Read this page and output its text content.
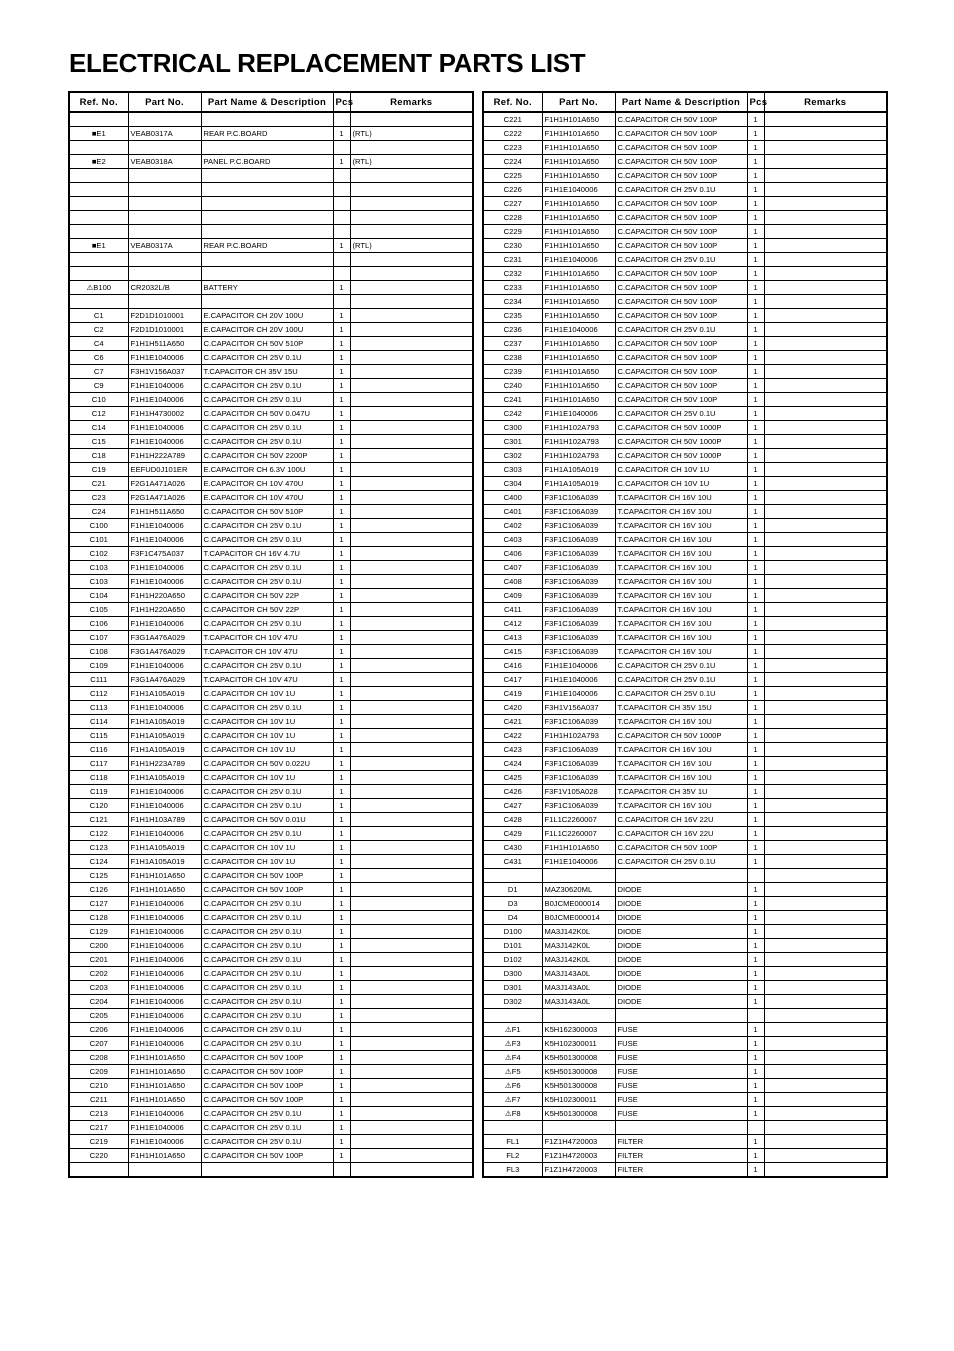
ELECTRICAL REPLACEMENT PARTS LIST
Ref. No.	Part No.	Part Name & Description	Pcs	Remarks

■E1	VEAB0317A	REAR P.C.BOARD	1	(RTL)

■E2	VEAB0318A	PANEL P.C.BOARD	1	(RTL)

■E1	VEAB0317A	REAR P.C.BOARD	1	(RTL)

⚠B100	CR2032L/B	BATTERY	1	

C1	F2D1D1010001	E.CAPACITOR CH 20V 100U	1	
C2	F2D1D1010001	E.CAPACITOR CH 20V 100U	1	
C4	F1H1H511A650	C.CAPACITOR CH 50V 510P	1	
C6	F1H1E1040006	C.CAPACITOR CH 25V 0.1U	1	
C7	F3H1V156A037	T.CAPACITOR CH 35V 15U	1	
C9	F1H1E1040006	C.CAPACITOR CH 25V 0.1U	1	
C10	F1H1E1040006	C.CAPACITOR CH 25V 0.1U	1	
C12	F1H1H4730002	C.CAPACITOR CH 50V 0.047U	1	
C14	F1H1E1040006	C.CAPACITOR CH 25V 0.1U	1	
C15	F1H1E1040006	C.CAPACITOR CH 25V 0.1U	1	
C18	F1H1H222A789	C.CAPACITOR CH 50V 2200P	1	
C19	EEFUD0J101ER	E.CAPACITOR CH 6.3V 100U	1	
C21	F2G1A471A026	E.CAPACITOR CH 10V 470U	1	
C23	F2G1A471A026	E.CAPACITOR CH 10V 470U	1	
C24	F1H1H511A650	C.CAPACITOR CH 50V 510P	1	
C100	F1H1E1040006	C.CAPACITOR CH 25V 0.1U	1	
C101	F1H1E1040006	C.CAPACITOR CH 25V 0.1U	1	
C102	F3F1C475A037	T.CAPACITOR CH 16V 4.7U	1	
C103	F1H1E1040006	C.CAPACITOR CH 25V 0.1U	1	
C103	F1H1E1040006	C.CAPACITOR CH 25V 0.1U	1	
C104	F1H1H220A650	C.CAPACITOR CH 50V 22P	1	
C105	F1H1H220A650	C.CAPACITOR CH 50V 22P	1	
C106	F1H1E1040006	C.CAPACITOR CH 25V 0.1U	1	
C107	F3G1A476A029	T.CAPACITOR CH 10V 47U	1	
C108	F3G1A476A029	T.CAPACITOR CH 10V 47U	1	
C109	F1H1E1040006	C.CAPACITOR CH 25V 0.1U	1	
C111	F3G1A476A029	T.CAPACITOR CH 10V 47U	1	
C112	F1H1A105A019	C.CAPACITOR CH 10V 1U	1	
C113	F1H1E1040006	C.CAPACITOR CH 25V 0.1U	1	
C114	F1H1A105A019	C.CAPACITOR CH 10V 1U	1	
C115	F1H1A105A019	C.CAPACITOR CH 10V 1U	1	
C116	F1H1A105A019	C.CAPACITOR CH 10V 1U	1	
C117	F1H1H223A789	C.CAPACITOR CH 50V 0.022U	1	
C118	F1H1A105A019	C.CAPACITOR CH 10V 1U	1	
C119	F1H1E1040006	C.CAPACITOR CH 25V 0.1U	1	
C120	F1H1E1040006	C.CAPACITOR CH 25V 0.1U	1	
C121	F1H1H103A789	C.CAPACITOR CH 50V 0.01U	1	
C122	F1H1E1040006	C.CAPACITOR CH 25V 0.1U	1	
C123	F1H1A105A019	C.CAPACITOR CH 10V 1U	1	
C124	F1H1A105A019	C.CAPACITOR CH 10V 1U	1	
C125	F1H1H101A650	C.CAPACITOR CH 50V 100P	1	
C126	F1H1H101A650	C.CAPACITOR CH 50V 100P	1	
C127	F1H1E1040006	C.CAPACITOR CH 25V 0.1U	1	
C128	F1H1E1040006	C.CAPACITOR CH 25V 0.1U	1	
C129	F1H1E1040006	C.CAPACITOR CH 25V 0.1U	1	
C200	F1H1E1040006	C.CAPACITOR CH 25V 0.1U	1	
C201	F1H1E1040006	C.CAPACITOR CH 25V 0.1U	1	
C202	F1H1E1040006	C.CAPACITOR CH 25V 0.1U	1	
C203	F1H1E1040006	C.CAPACITOR CH 25V 0.1U	1	
C204	F1H1E1040006	C.CAPACITOR CH 25V 0.1U	1	
C205	F1H1E1040006	C.CAPACITOR CH 25V 0.1U	1	
C206	F1H1E1040006	C.CAPACITOR CH 25V 0.1U	1	
C207	F1H1E1040006	C.CAPACITOR CH 25V 0.1U	1	
C208	F1H1H101A650	C.CAPACITOR CH 50V 100P	1	
C209	F1H1H101A650	C.CAPACITOR CH 50V 100P	1	
C210	F1H1H101A650	C.CAPACITOR CH 50V 100P	1	
C211	F1H1H101A650	C.CAPACITOR CH 50V 100P	1	
C213	F1H1E1040006	C.CAPACITOR CH 25V 0.1U	1	
C217	F1H1E1040006	C.CAPACITOR CH 25V 0.1U	1	
C219	F1H1E1040006	C.CAPACITOR CH 25V 0.1U	1	
C220	F1H1H101A650	C.CAPACITOR CH 50V 100P	1	

Ref. No.	Part No.	Part Name & Description	Pcs	Remarks
C221	F1H1H101A650	C.CAPACITOR CH 50V 100P	1	
C222	F1H1H101A650	C.CAPACITOR CH 50V 100P	1	
C223	F1H1H101A650	C.CAPACITOR CH 50V 100P	1	
C224	F1H1H101A650	C.CAPACITOR CH 50V 100P	1	
C225	F1H1H101A650	C.CAPACITOR CH 50V 100P	1	
C226	F1H1E1040006	C.CAPACITOR CH 25V 0.1U	1	
C227	F1H1H101A650	C.CAPACITOR CH 50V 100P	1	
C228	F1H1H101A650	C.CAPACITOR CH 50V 100P	1	
C229	F1H1H101A650	C.CAPACITOR CH 50V 100P	1	
C230	F1H1H101A650	C.CAPACITOR CH 50V 100P	1	
C231	F1H1E1040006	C.CAPACITOR CH 25V 0.1U	1	
C232	F1H1H101A650	C.CAPACITOR CH 50V 100P	1	
C233	F1H1H101A650	C.CAPACITOR CH 50V 100P	1	
C234	F1H1H101A650	C.CAPACITOR CH 50V 100P	1	
C235	F1H1H101A650	C.CAPACITOR CH 50V 100P	1	
C236	F1H1E1040006	C.CAPACITOR CH 25V 0.1U	1	
C237	F1H1H101A650	C.CAPACITOR CH 50V 100P	1	
C238	F1H1H101A650	C.CAPACITOR CH 50V 100P	1	
C239	F1H1H101A650	C.CAPACITOR CH 50V 100P	1	
C240	F1H1H101A650	C.CAPACITOR CH 50V 100P	1	
C241	F1H1H101A650	C.CAPACITOR CH 50V 100P	1	
C242	F1H1E1040006	C.CAPACITOR CH 25V 0.1U	1	
C300	F1H1H102A793	C.CAPACITOR CH 50V 1000P	1	
C301	F1H1H102A793	C.CAPACITOR CH 50V 1000P	1	
C302	F1H1H102A793	C.CAPACITOR CH 50V 1000P	1	
C303	F1H1A105A019	C.CAPACITOR CH 10V 1U	1	
C304	F1H1A105A019	C.CAPACITOR CH 10V 1U	1	
C400	F3F1C106A039	T.CAPACITOR CH 16V 10U	1	
C401	F3F1C106A039	T.CAPACITOR CH 16V 10U	1	
C402	F3F1C106A039	T.CAPACITOR CH 16V 10U	1	
C403	F3F1C106A039	T.CAPACITOR CH 16V 10U	1	
C406	F3F1C106A039	T.CAPACITOR CH 16V 10U	1	
C407	F3F1C106A039	T.CAPACITOR CH 16V 10U	1	
C408	F3F1C106A039	T.CAPACITOR CH 16V 10U	1	
C409	F3F1C106A039	T.CAPACITOR CH 16V 10U	1	
C411	F3F1C106A039	T.CAPACITOR CH 16V 10U	1	
C412	F3F1C106A039	T.CAPACITOR CH 16V 10U	1	
C413	F3F1C106A039	T.CAPACITOR CH 16V 10U	1	
C415	F3F1C106A039	T.CAPACITOR CH 16V 10U	1	
C416	F1H1E1040006	C.CAPACITOR CH 25V 0.1U	1	
C417	F1H1E1040006	C.CAPACITOR CH 25V 0.1U	1	
C419	F1H1E1040006	C.CAPACITOR CH 25V 0.1U	1	
C420	F3H1V156A037	T.CAPACITOR CH 35V 15U	1	
C421	F3F1C106A039	T.CAPACITOR CH 16V 10U	1	
C422	F1H1H102A793	C.CAPACITOR CH 50V 1000P	1	
C423	F3F1C106A039	T.CAPACITOR CH 16V 10U	1	
C424	F3F1C106A039	T.CAPACITOR CH 16V 10U	1	
C425	F3F1C106A039	T.CAPACITOR CH 16V 10U	1	
C426	F3F1V105A028	T.CAPACITOR CH 35V 1U	1	
C427	F3F1C106A039	T.CAPACITOR CH 16V 10U	1	
C428	F1L1C2260007	C.CAPACITOR CH 16V 22U	1	
C429	F1L1C2260007	C.CAPACITOR CH 16V 22U	1	
C430	F1H1H101A650	C.CAPACITOR CH 50V 100P	1	
C431	F1H1E1040006	C.CAPACITOR CH 25V 0.1U	1	

D1	MAZ30620ML	DIODE	1	
D3	B0JCME000014	DIODE	1	
D4	B0JCME000014	DIODE	1	
D100	MA3J142K0L	DIODE	1	
D101	MA3J142K0L	DIODE	1	
D102	MA3J142K0L	DIODE	1	
D300	MA3J143A0L	DIODE	1	
D301	MA3J143A0L	DIODE	1	
D302	MA3J143A0L	DIODE	1	

⚠F1	K5H162300003	FUSE	1	
⚠F3	K5H102300011	FUSE	1	
⚠F4	K5H501300008	FUSE	1	
⚠F5	K5H501300008	FUSE	1	
⚠F6	K5H501300008	FUSE	1	
⚠F7	K5H102300011	FUSE	1	
⚠F8	K5H501300008	FUSE	1	

FL1	F1Z1H4720003	FILTER	1	
FL2	F1Z1H4720003	FILTER	1	
FL3	F1Z1H4720003	FILTER	1	
